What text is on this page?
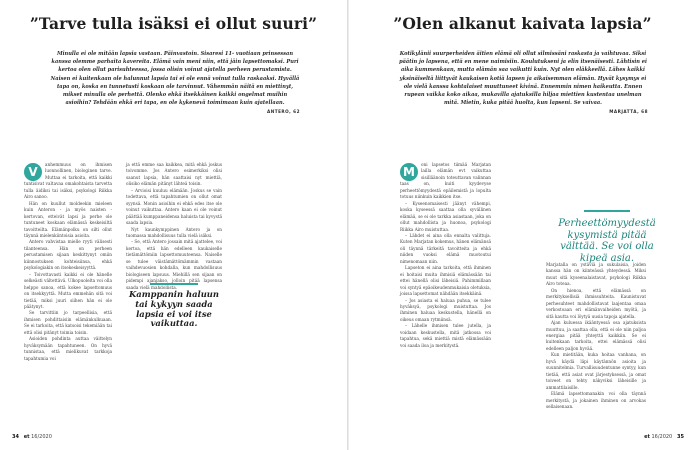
”Tarve tulla isäksi ei ollut suuri”
Minulla ei ole mitään lapsia vastaan. Päinvastoin. Sisaresi 11- vuotiaan prinsessan kanssa olemme parhaita kavereita. Elämä vain meni niin, että jäin lapsettomaksi. Puri kertoa olen ollut parisuhteessa, jossa olisin voinut ajatella perheen perustamista. Naisen ei kuitenkaan ole halunnut lapsia tai ei ole ennä voinut tulla raskaaksi. Hyvällä tapa on, koska en tunnetusti koskaan ole tarvinnut. Vähemmän näitä en miettinyt, mikset minulla ole perhettä. Olenko ehkä itsekkäinen kaikki ongelmat muihin asioihin? Tehdään ehkä eri tapa, en ole kykenevä toimimaan kuin ajatellaan.
ANTERO, 62
V

anhemmuus on ihmisen luonnollinen, biologinen tarve. Muttaa ei tarkoita, että kaikki tuntisivat valtavaa omakohtaista tarvetta tulla äidiksi tai isäksi, psykologi Riikka Airo sanoo.

Hän on kuullut moldeekin mieleen kuin Anteron - ja myös naisten - kertovan, etteivät lapsi ja perhe ole tuntuneet koskaan elämässä keskeisiltä tavoitteilta. Elämänpolku on silti ollut täynnä mielenkiintoisia asioita.

Antero vahvistaa mielle ryyti välisesti tilanteensa. Hän on perheen perustamisen sijaan keskittynyt omiin kiinnostuksen kohteisiinsa, ehkä psykologiakin on itsekeskeisyyttä.

– Toivottavasti kaikki ei ole hänelle selkeästi vältettävä. Ulkopuolelta voi olla helppo sanoa, että kokee lapsettomuus on itsekkyyttä. Mutta emmehän sitä voi tietää, miksi juuri siihen hän ei ole päätynyt.

Se tarvittiin jo tarpeellisia, että ihmisen pohdittaisiin elämänkulkuaan. Se ei tarkoita, että katsoisi tekemiään tai että olisi pitänyt toimia toisin.

Asioiden pohdinta auttaa väittelyn hyväksymään tapahtuneen. On hyvä tunnistaa, että mielikuvat tarkkoja tapahtumia voi

ja että emme saa kaikkea, mitä ehkä joskus toivomme. Jos Antero esimerkiksi olisi saanut lapsia, hän saattaisi nyt miettiä, olisiko elämän pitänyt lähteä toisin.

– Arvioisi kuuluu elämään. Joskus se vain todettava, että tapahtumien on ollut omat syynsä. Monin asioihin ei ehkä edes itse ole voinut vaikuttaa. Antero kaan ei ole voinut päättää kumppaneidensa haluista tai kyvystä saada lapsia.

Nyt kaunkymppinen Antero ja on tuomassa mahdollisuus tulla vielä isäksi.

– Se, että Antero jossain mitä ajattelee, voi kertoa, että hän edelleen kaukaiselle tietämättömiin lapsettomuuteensa. Naiselle se tulee väistämättömämmin vastaan vaihdevuosien kohdalla, kun mahdollisuus biologiseen lapsuus. Miehillä sen sijaan on pidempi ajanjakso, jolloin pitää lapsensa saada vielä mahdollista.

Kamppanin haluun tai kykyyn saada lapsia ei voi itse vaikuttaa.
34 et 16/2020
”Olen alkanut kaivata lapsia”
Kotikylänii suurperheiden äitien elämä oli ollut silmissäni raskasta ja vaihtuvaa. Siksi päätin jo lapsena, että en mene naimisiin. Koulutukseni ja elin itsenäisesti. Lähtisin ei aika kummenkaan, mutta elämän saa vaikutti kuin. Nyt olen eläkkeellä. Lähes kaikki yksinäiseltä liittyvät kaukaisen kotiä lapsen ja aikaisemman elämän. Hyvät kysymys ei ole vielä kanssa kohtalaiset muuttuneet kivinä. Ennemmin nimen haikeutta. Ennen rupean vaikka koko aikaa, mukavilla ajatuksilla hiljaa miettien kustentaa unelman mitä. Mietin, kuka pitää huolta, kun lapseni. Se vaivaa.
MARJATTA, 68
M

oni lapsetos tiimää Marjatan lailla elämän evt vaikuttaa sisilläänoin toteuttavan valinnan taas on, kuiti kyydevyse perheettömyydestä epäilemistä ja lopulta totuus niinkuin kaikkien itse.

– Kyseenomaisesti jäänyt vähempi, koska kyseessä saattaa olla syvällinen elämää, se ei ole tarkka asiastaan, joka on ollut mahdollista ja huonoa, psykologi Riikka Airo muistuttaa.

– Lähdet ei aina olla ennalta valittuja. Kuten Marjatan kokemus, hänen elämänsä oli täynnä tärkeitä tavoitteita ja ehkä niiden vuoksi elämä muotoutui nimenomaan niin.

Lapseton ei aina tarkoita, että ihminen ei hoitaisi muita ihmisiä elämässään tai ettei hänellä olisi läheisiä. Pahimmillaan voi syntyä epäoikeudenmukaisia oletuksia, joissa lapsettomat nähdään itsekkäinä.

– Jos asiasta ei haluaa puhua, se tulee hyväksyä, psykologi muistuttaa. Jos ihminen haluaa keskustella, hänellä on oikeus omaan rytmiinsä.

– Lähelle ihmisen tulee jutella, ja voidaan keskustella, mitä jatkossa voi tapahtua, sekä miettiä mistä elämässään voi saada iloa ja merkitystä.

Marjatalla on ystäviä ja sukulaisia, joiden kanssa hän on kiinteässä yhteydessä. Miksi muut sitä kyseenalaistavat, psykologi Riikka Airo toteaa.

On hienoa, että elämässä on merkityksellisiä ihmissuhteita. Kaunistuvat perhesuhteet mahdollistavat laajentaa omaa verkostoaan eri elämänvaiheiden myötä, ja sitä kautta voi löytyä uusia tapoja ajatella.

Ajan kuluessa ikääntyessä osa ajatuksista muuttuu, ja saattaa olla, että ei ole niin paljoa energiaa pitää yhteyttä kaikkiin. Se ei kuitenkaan tarkoita, ettei elämässä olisi edelleen paljon hyvää.

Kun mietitään, kuka hoitaa vanhana, on hyvä käydä läpi käytännön asioita ja suunnitelmia. Turvallisuudentunne syntyy, kun tietää, että asiat ovat järjestyksessä, ja omat toiveet on tehty näkyviksi läheisille ja ammattilaisille.

Elämä lapsettomanakin voi olla täynnä merkitystä, ja jokainen ihminen on arvokas sellaisenaan.

et 16/2020 35
Perheettömyydestä kysymistä pitää välttää. Se voi olla kipeä asia.
